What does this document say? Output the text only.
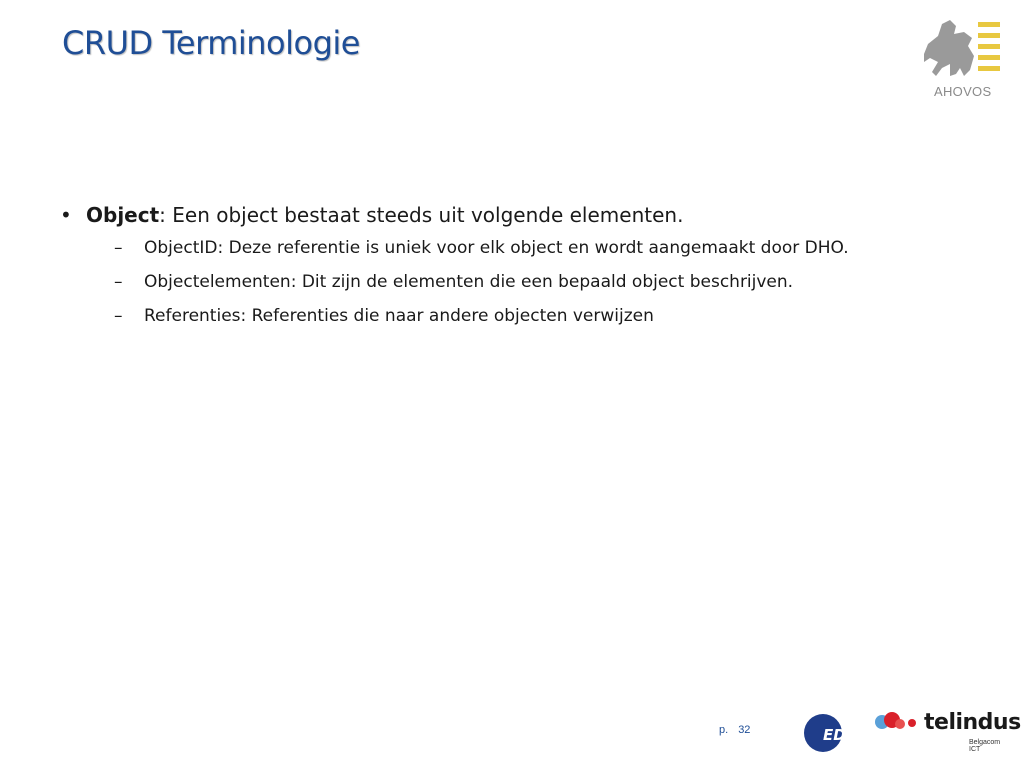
CRUD Terminologie
AHOVOS
• Object: Een object bestaat steeds uit volgende elementen.
–	ObjectID: Deze referentie is uniek voor elk object en wordt aangemaakt door DHO.
–	Objectelementen: Dit zijn de elementen die een bepaald object beschrijven.
–	Referenties: Referenties die naar andere objecten verwijzen
p. 32	EDS	telindus
Belgacom ICT
